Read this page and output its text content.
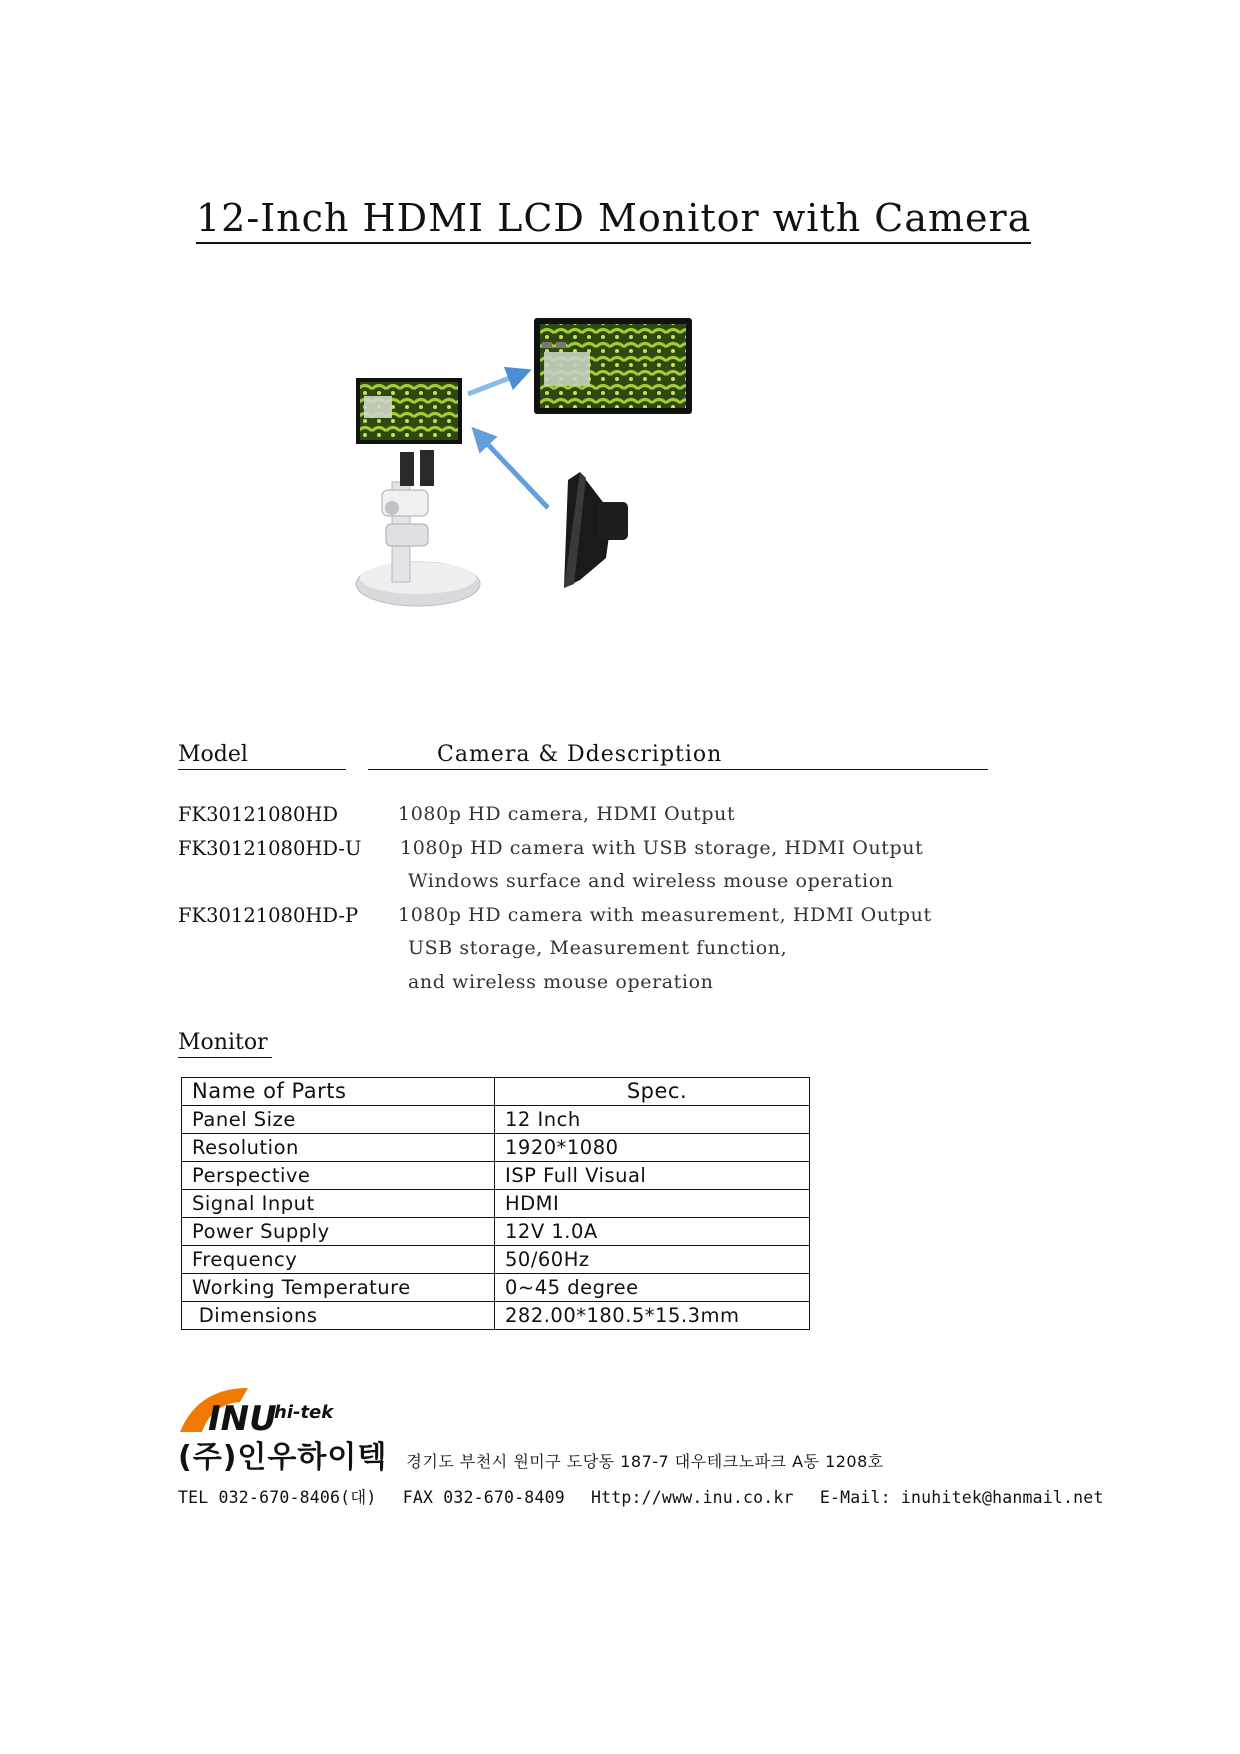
12-Inch HDMI LCD Monitor with Camera
Model	Camera & Ddescription
FK30121080HD	1080p HD camera, HDMI Output
FK30121080HD-U 1080p HD camera with USB storage, HDMI Output
Windows surface and wireless mouse operation
FK30121080HD-P 1080p HD camera with measurement, HDMI Output
USB storage, Measurement function,
and wireless mouse operation
Monitor
Name of Parts	Spec.
Panel Size	12 Inch
Resolution	1920*1080
Perspective	ISP Full Visual
Signal Input	HDMI
Power Supply	12V 1.0A
Frequency	50/60Hz
Working Temperature	0~45 degree
Dimensions	282.00*180.5*15.3mm
INU
hi-tek
(주)인우하이텍 경기도 부천시 원미구 도당동 187-7 대우테크노파크 A동 1208호
TEL 032-670-8406(대) FAX 032-670-8409 Http://www.inu.co.kr E-Mail: inuhitek@hanmail.net
